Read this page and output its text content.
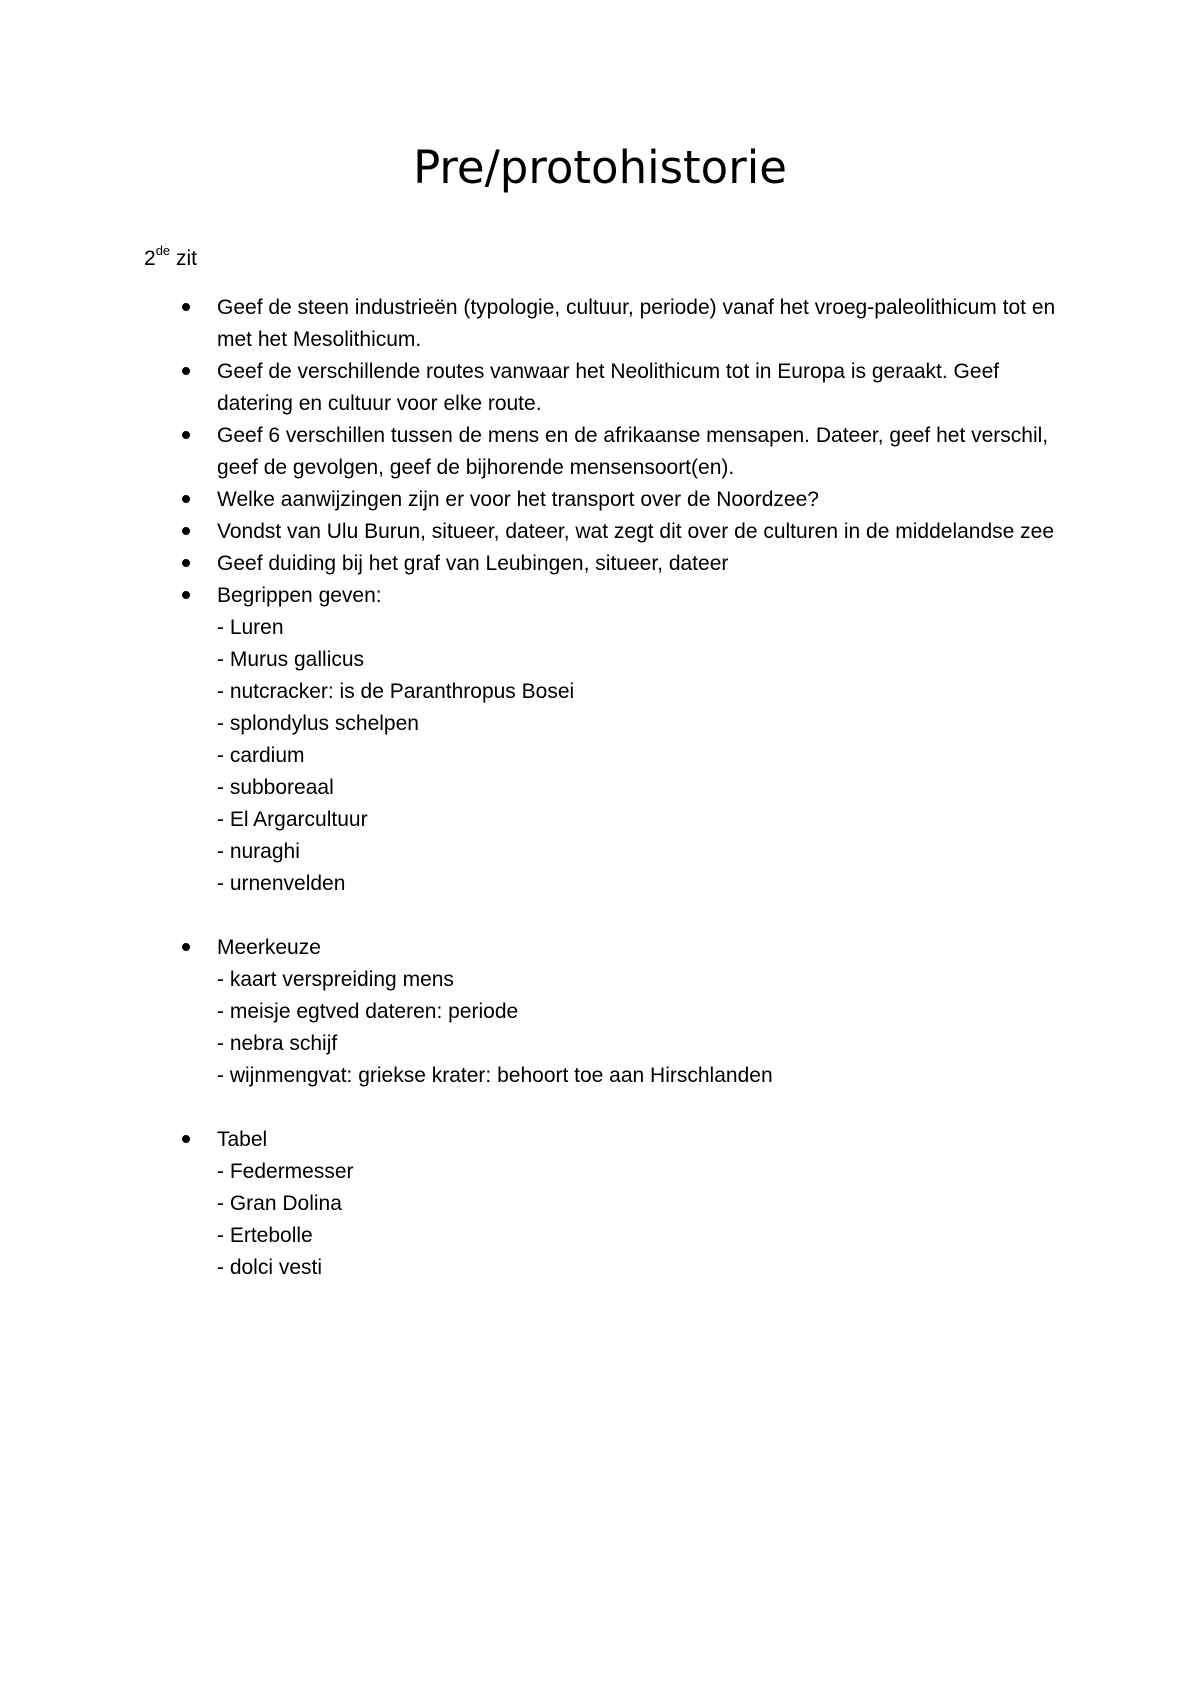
Pre/protohistorie
2de zit
Geef de steen industrieën (typologie, cultuur, periode) vanaf het vroeg-paleolithicum tot en met het Mesolithicum.
Geef de verschillende routes vanwaar het Neolithicum tot in Europa is geraakt. Geef datering en cultuur voor elke route.
Geef 6 verschillen tussen de mens en de afrikaanse mensapen. Dateer, geef het verschil, geef de gevolgen, geef de bijhorende mensensoort(en).
Welke aanwijzingen zijn er voor het transport over de Noordzee?
Vondst van Ulu Burun, situeer, dateer, wat zegt dit over de culturen in de middelandse zee
Geef duiding bij het graf van Leubingen, situeer, dateer
Begrippen geven:
- Luren
- Murus gallicus
- nutcracker: is de Paranthropus Bosei
- splondylus schelpen
- cardium
- subboreaal
- El Argarcultuur
- nuraghi
- urnenvelden
Meerkeuze
- kaart verspreiding mens
- meisje egtved dateren: periode
- nebra schijf
- wijnmengvat: griekse krater: behoort toe aan Hirschlanden
Tabel
- Federmesser
- Gran Dolina
- Ertebolle
- dolci vesti
